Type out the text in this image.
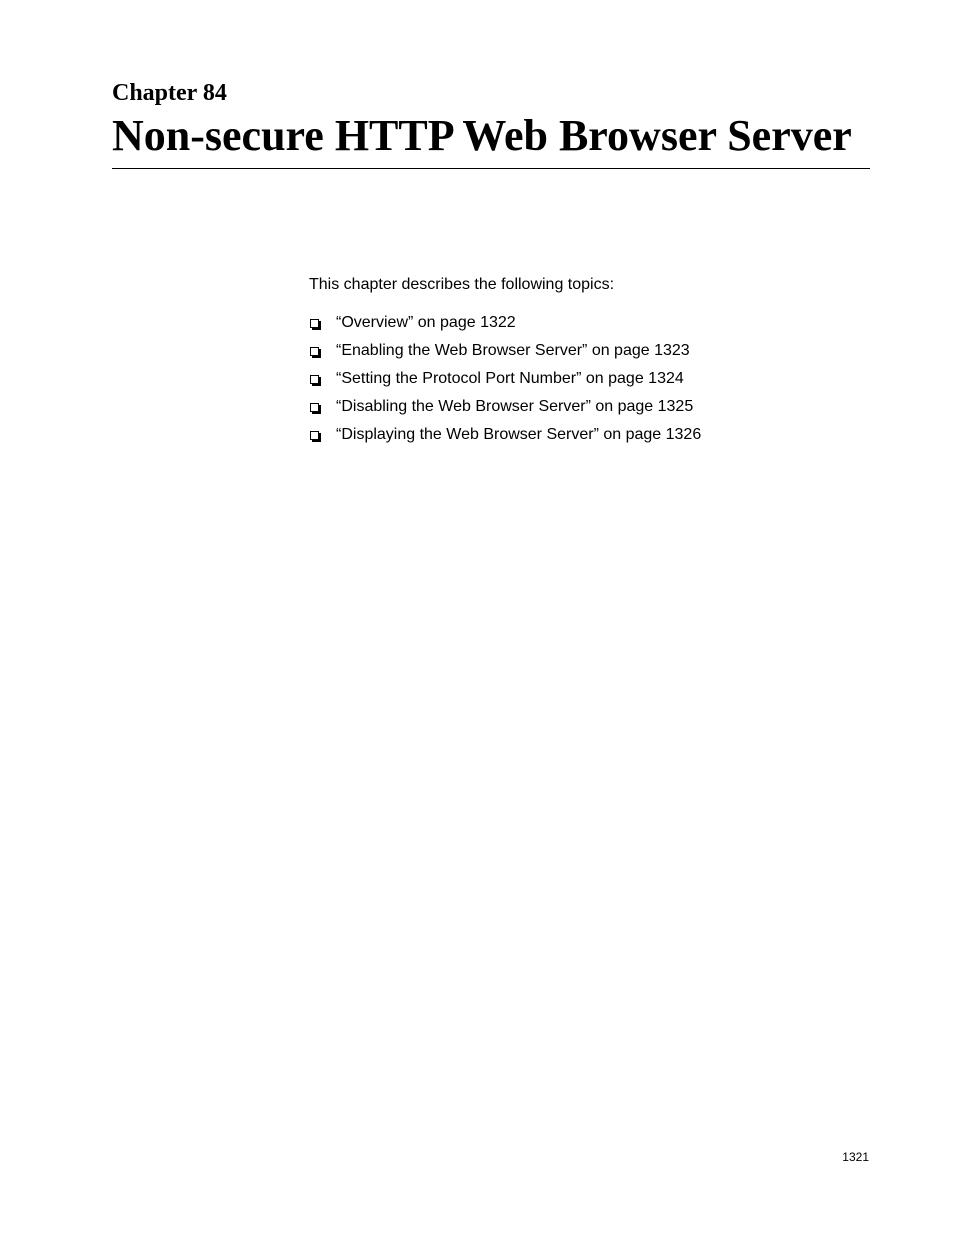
Chapter 84
Non-secure HTTP Web Browser Server

This chapter describes the following topics:

“Overview” on page 1322
“Enabling the Web Browser Server” on page 1323
“Setting the Protocol Port Number” on page 1324
“Disabling the Web Browser Server” on page 1325
“Displaying the Web Browser Server” on page 1326

1321
